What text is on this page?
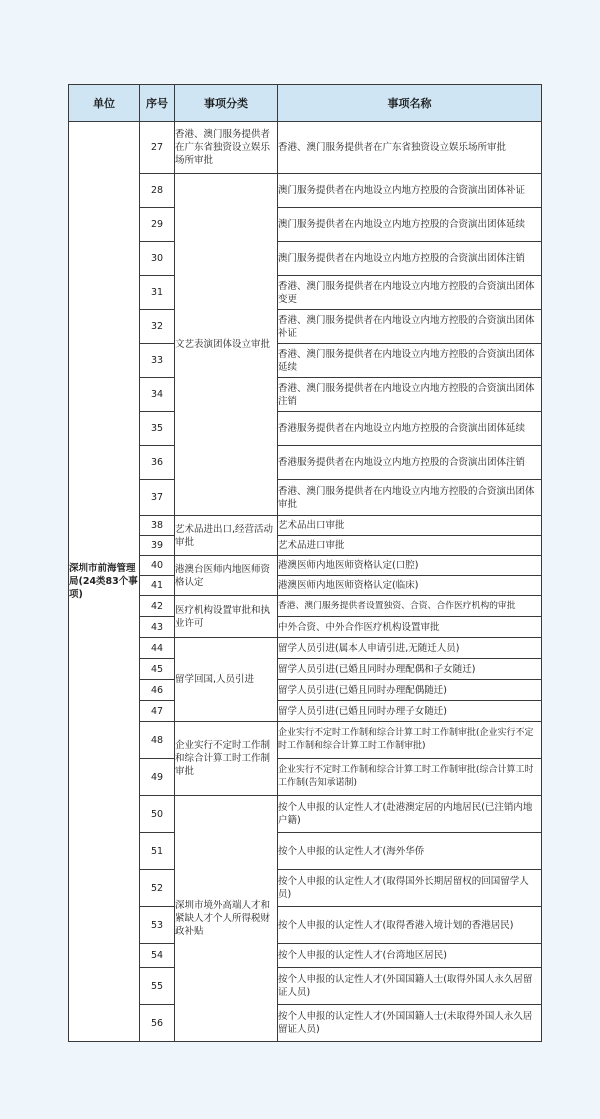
单位	序号	事项分类	事项名称
深圳市前海管理局(24类83个事项)	27	香港、澳门服务提供者在广东省独资设立娱乐场所审批	香港、澳门服务提供者在广东省独资设立娱乐场所审批
	28	文艺表演团体设立审批	澳门服务提供者在内地设立内地方控股的合资演出团体补证
	29		澳门服务提供者在内地设立内地方控股的合资演出团体延续
	30		澳门服务提供者在内地设立内地方控股的合资演出团体注销
	31		香港、澳门服务提供者在内地设立内地方控股的合资演出团体变更
	32		香港、澳门服务提供者在内地设立内地方控股的合资演出团体补证
	33		香港、澳门服务提供者在内地设立内地方控股的合资演出团体延续
	34		香港、澳门服务提供者在内地设立内地方控股的合资演出团体注销
	35		香港服务提供者在内地设立内地方控股的合资演出团体延续
	36		香港服务提供者在内地设立内地方控股的合资演出团体注销
	37		香港、澳门服务提供者在内地设立内地方控股的合资演出团体审批
	38	艺术品进出口,经营活动审批	艺术品出口审批
	39		艺术品进口审批
	40	港澳台医师内地医师资格认定	港澳医师内地医师资格认定(口腔)
	41		港澳医师内地医师资格认定(临床)
	42	医疗机构设置审批和执业许可	香港、澳门服务提供者设置独资、合资、合作医疗机构的审批
	43		中外合资、中外合作医疗机构设置审批
	44	留学回国,人员引进	留学人员引进(属本人申请引进,无随迁人员)
	45		留学人员引进(已婚且同时办理配偶和子女随迁)
	46		留学人员引进(已婚且同时办理配偶随迁)
	47		留学人员引进(已婚且同时办理子女随迁)
	48	企业实行不定时工作制和综合计算工时工作制审批	企业实行不定时工作制和综合计算工时工作制审批(企业实行不定时工作制和综合计算工时工作制审批)
	49		企业实行不定时工作制和综合计算工时工作制审批(综合计算工时工作制(告知承诺制)
	50	深圳市境外高端人才和紧缺人才个人所得税财政补贴	按个人申报的认定性人才(赴港澳定居的内地居民(已注销内地户籍)
	51		按个人申报的认定性人才(海外华侨
	52		按个人申报的认定性人才(取得国外长期居留权的回国留学人员)
	53		按个人申报的认定性人才(取得香港入境计划的香港居民)
	54		按个人申报的认定性人才(台湾地区居民)
	55		按个人申报的认定性人才(外国国籍人士(取得外国人永久居留证人员)
	56		按个人申报的认定性人才(外国国籍人士(未取得外国人永久居留证人员)
